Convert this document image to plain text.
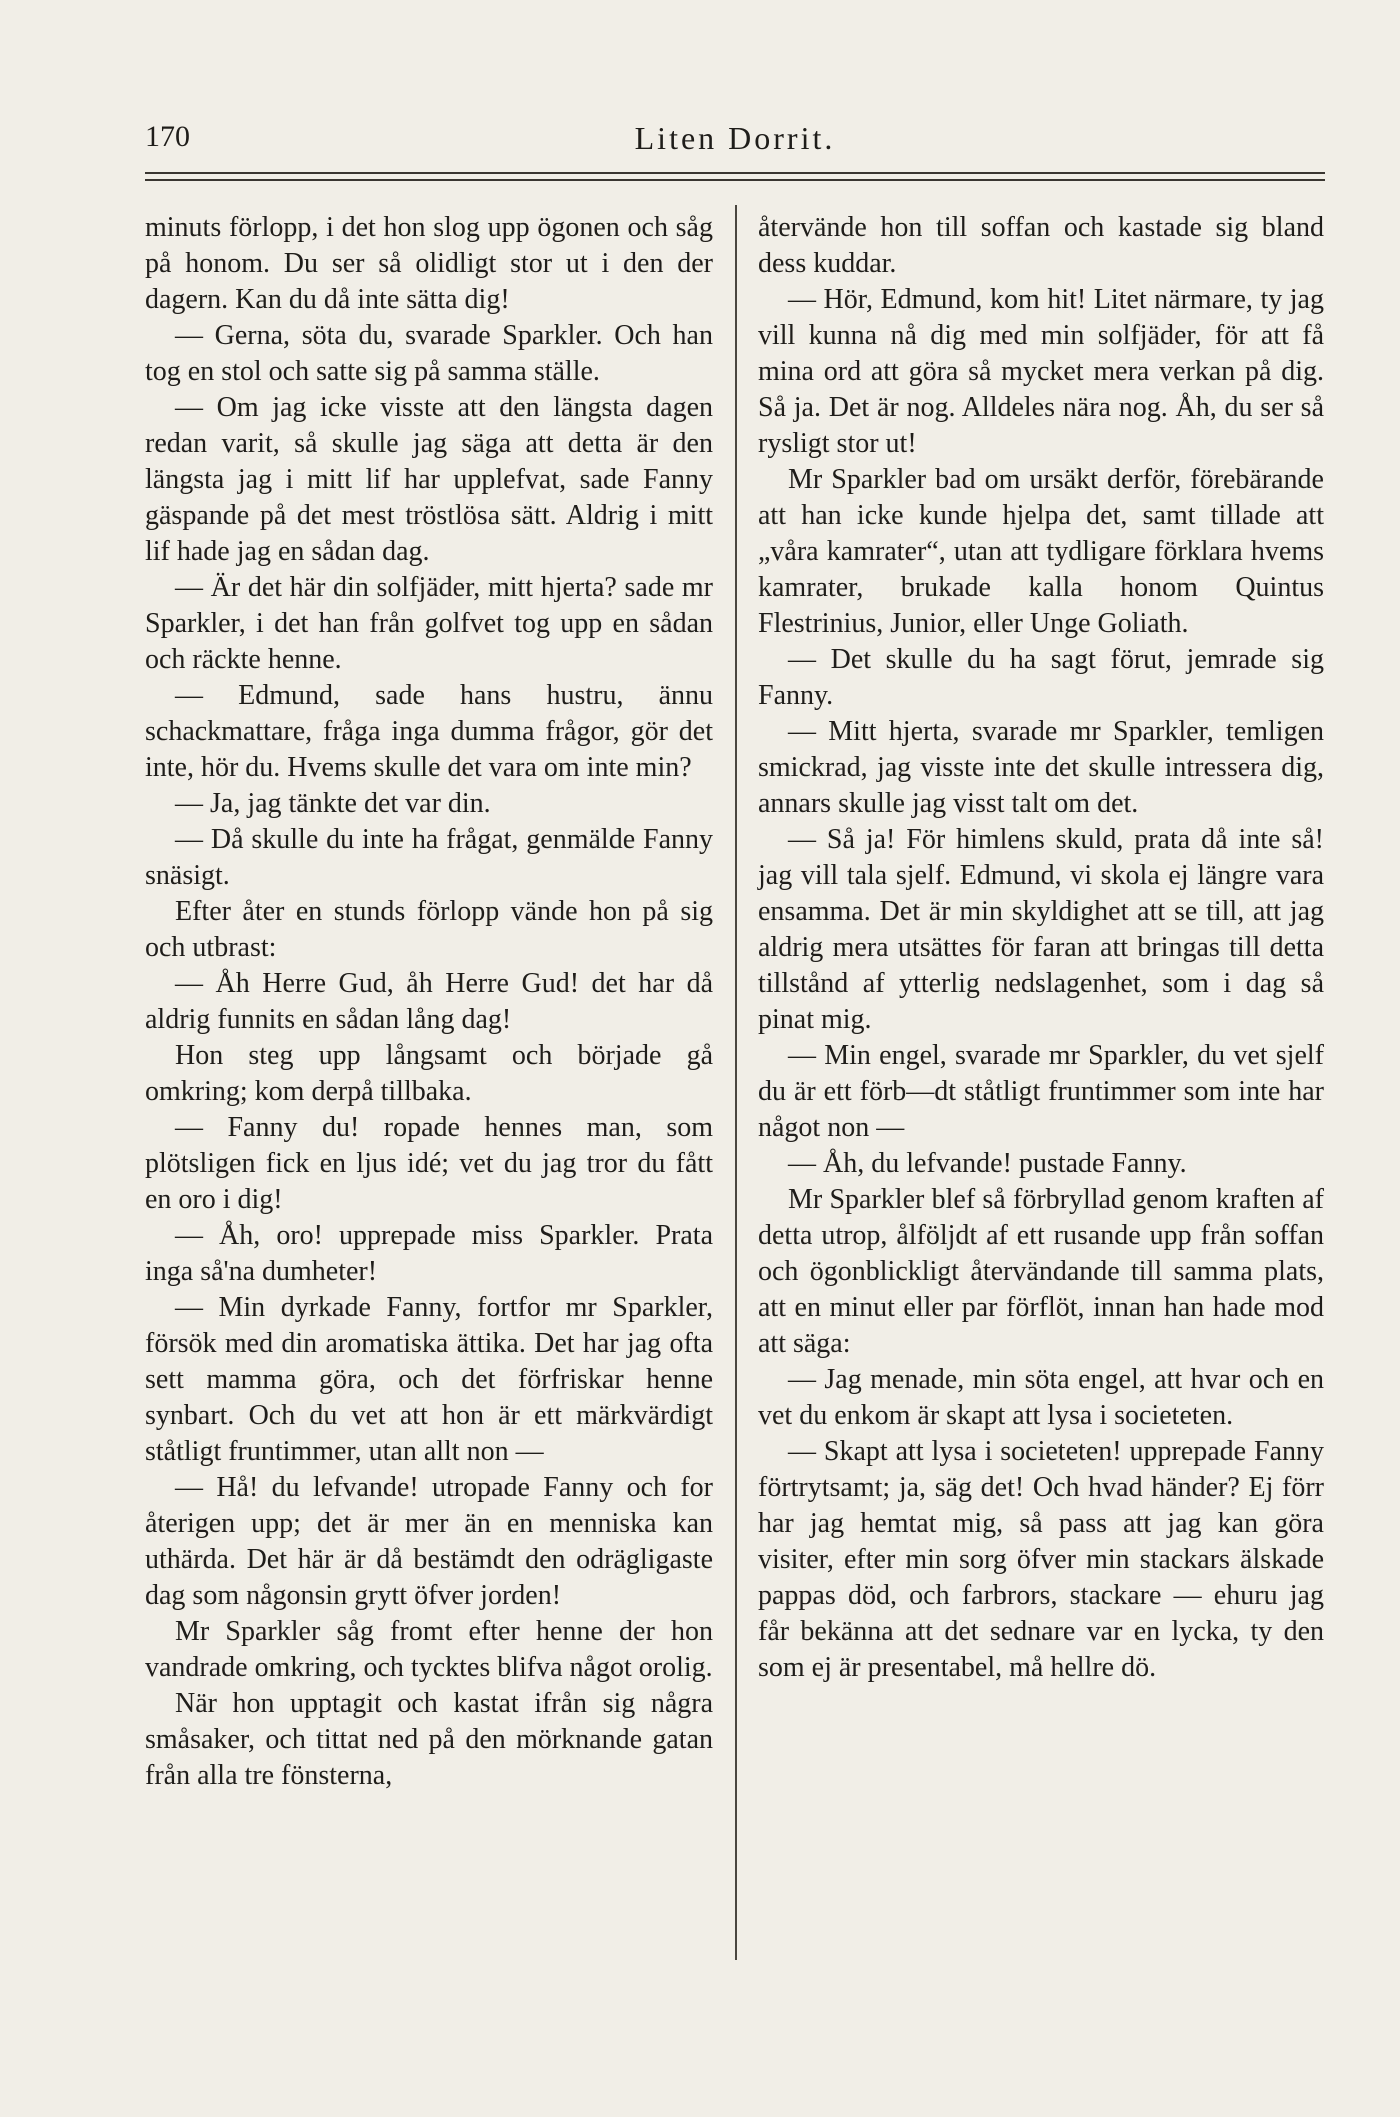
170	Liten Dorrit.

minuts förlopp, i det hon slog upp ögonen och såg på honom. Du ser så olidligt stor ut i den der dagern. Kan du då inte sätta dig!

— Gerna, söta du, svarade Sparkler. Och han tog en stol och satte sig på samma ställe.

— Om jag icke visste att den längsta dagen redan varit, så skulle jag säga att detta är den längsta jag i mitt lif har upplefvat, sade Fanny gäspande på det mest tröstlösa sätt. Aldrig i mitt lif hade jag en sådan dag.

— Är det här din solfjäder, mitt hjerta? sade mr Sparkler, i det han från golfvet tog upp en sådan och räckte henne.

— Edmund, sade hans hustru, ännu schackmattare, fråga inga dumma frågor, gör det inte, hör du. Hvems skulle det vara om inte min?

— Ja, jag tänkte det var din.

— Då skulle du inte ha frågat, genmälde Fanny snäsigt.

Efter åter en stunds förlopp vände hon på sig och utbrast:

— Åh Herre Gud, åh Herre Gud! det har då aldrig funnits en sådan lång dag!

Hon steg upp långsamt och började gå omkring; kom derpå tillbaka.

— Fanny du! ropade hennes man, som plötsligen fick en ljus idé; vet du jag tror du fått en oro i dig!

— Åh, oro! upprepade miss Sparkler. Prata inga så'na dumheter!

— Min dyrkade Fanny, fortfor mr Sparkler, försök med din aromatiska ättika. Det har jag ofta sett mamma göra, och det förfriskar henne synbart. Och du vet att hon är ett märkvärdigt ståtligt fruntimmer, utan allt non —

— Hå! du lefvande! utropade Fanny och for återigen upp; det är mer än en menniska kan uthärda. Det här är då bestämdt den odrägligaste dag som någonsin grytt öfver jorden!

Mr Sparkler såg fromt efter henne der hon vandrade omkring, och tycktes blifva något orolig.

När hon upptagit och kastat ifrån sig några småsaker, och tittat ned på den mörknande gatan från alla tre fönsterna,

återvände hon till soffan och kastade sig bland dess kuddar.

— Hör, Edmund, kom hit! Litet närmare, ty jag vill kunna nå dig med min solfjäder, för att få mina ord att göra så mycket mera verkan på dig. Så ja. Det är nog. Alldeles nära nog. Åh, du ser så rysligt stor ut!

Mr Sparkler bad om ursäkt derför, förebärande att han icke kunde hjelpa det, samt tillade att „våra kamrater“, utan att tydligare förklara hvems kamrater, brukade kalla honom Quintus Flestrinius, Junior, eller Unge Goliath.

— Det skulle du ha sagt förut, jemrade sig Fanny.

— Mitt hjerta, svarade mr Sparkler, temligen smickrad, jag visste inte det skulle intressera dig, annars skulle jag visst talt om det.

— Så ja! För himlens skuld, prata då inte så! jag vill tala sjelf. Edmund, vi skola ej längre vara ensamma. Det är min skyldighet att se till, att jag aldrig mera utsättes för faran att bringas till detta tillstånd af ytterlig nedslagenhet, som i dag så pinat mig.

— Min engel, svarade mr Sparkler, du vet sjelf du är ett förb—dt ståtligt fruntimmer som inte har något non —

— Åh, du lefvande! pustade Fanny.

Mr Sparkler blef så förbryllad genom kraften af detta utrop, ålföljdt af ett rusande upp från soffan och ögonblickligt återvändande till samma plats, att en minut eller par förflöt, innan han hade mod att säga:

— Jag menade, min söta engel, att hvar och en vet du enkom är skapt att lysa i societeten.

— Skapt att lysa i societeten! upprepade Fanny förtrytsamt; ja, säg det! Och hvad händer? Ej förr har jag hemtat mig, så pass att jag kan göra visiter, efter min sorg öfver min stackars älskade pappas död, och farbrors, stackare — ehuru jag får bekänna att det sednare var en lycka, ty den som ej är presentabel, må hellre dö.
